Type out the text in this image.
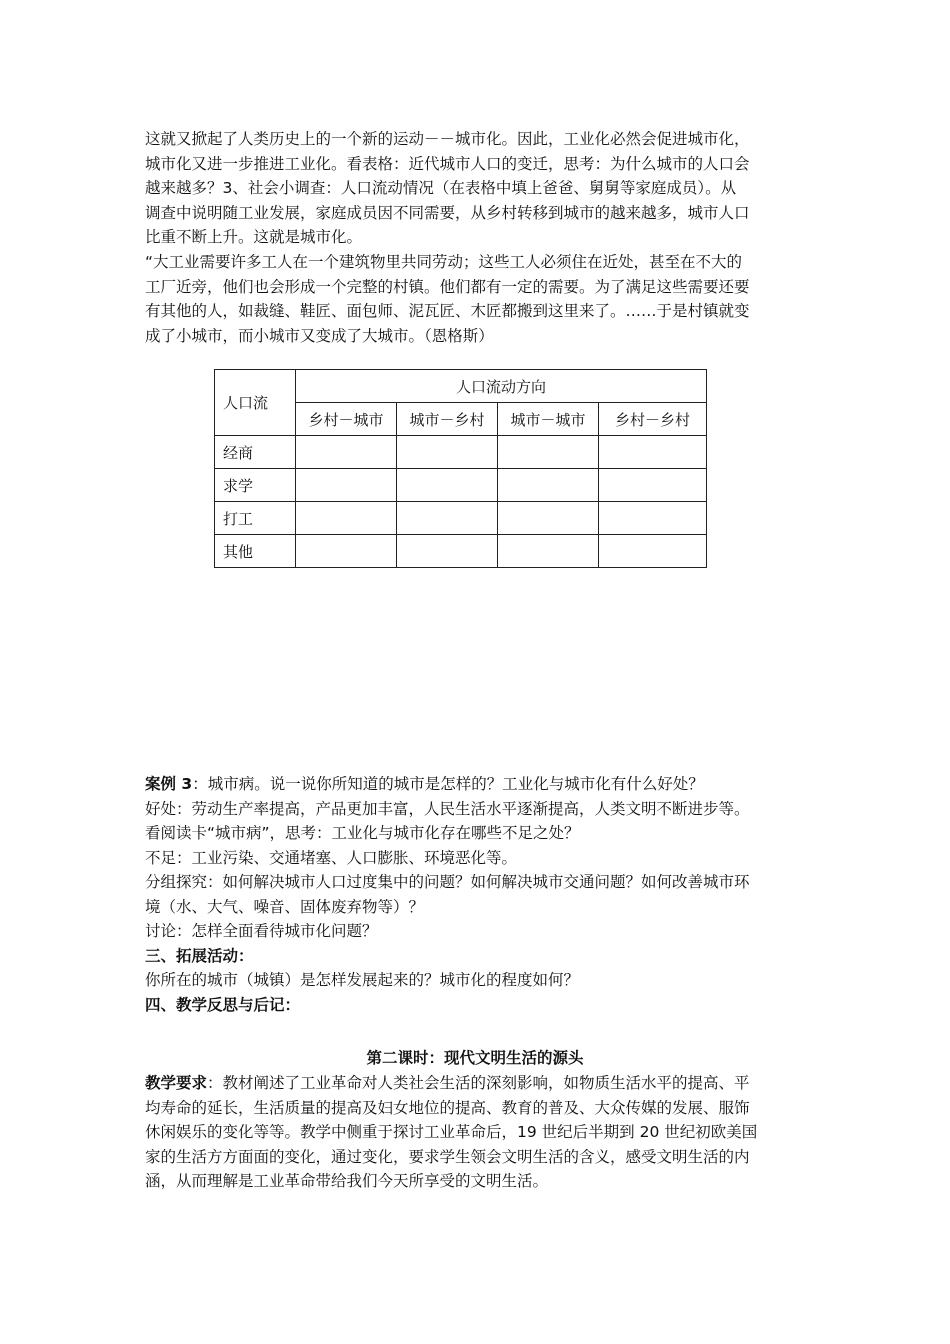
这就又掀起了人类历史上的一个新的运动－－城市化。因此，工业化必然会促进城市化，
城市化又进一步推进工业化。看表格：近代城市人口的变迁，思考：为什么城市的人口会
越来越多？3、社会小调查：人口流动情况（在表格中填上爸爸、舅舅等家庭成员）。从
调查中说明随工业发展，家庭成员因不同需要，从乡村转移到城市的越来越多，城市人口
比重不断上升。这就是城市化。
“大工业需要许多工人在一个建筑物里共同劳动；这些工人必须住在近处，甚至在不大的
工厂近旁，他们也会形成一个完整的村镇。他们都有一定的需要。为了满足这些需要还要
有其他的人，如裁缝、鞋匠、面包师、泥瓦匠、木匠都搬到这里来了。……于是村镇就变
成了小城市，而小城市又变成了大城市。（恩格斯）
人口流	人口流动方向			
	乡村－城市	城市－乡村	城市－城市	乡村－乡村
经商				
求学				
打工				
其他				
案例 3：城市病。说一说你所知道的城市是怎样的？工业化与城市化有什么好处？
好处：劳动生产率提高，产品更加丰富，人民生活水平逐渐提高，人类文明不断进步等。
看阅读卡“城市病”，思考：工业化与城市化存在哪些不足之处？
不足：工业污染、交通堵塞、人口膨胀、环境恶化等。
分组探究：如何解决城市人口过度集中的问题？如何解决城市交通问题？如何改善城市环
境（水、大气、噪音、固体废弃物等）？
讨论：怎样全面看待城市化问题？
三、拓展活动：
你所在的城市（城镇）是怎样发展起来的？城市化的程度如何？
四、教学反思与后记：
第二课时：现代文明生活的源头
教学要求：教材阐述了工业革命对人类社会生活的深刻影响，如物质生活水平的提高、平
均寿命的延长，生活质量的提高及妇女地位的提高、教育的普及、大众传媒的发展、服饰
休闲娱乐的变化等等。教学中侧重于探讨工业革命后，19 世纪后半期到 20 世纪初欧美国
家的生活方方面面的变化，通过变化，要求学生领会文明生活的含义，感受文明生活的内
涵，从而理解是工业革命带给我们今天所享受的文明生活。
